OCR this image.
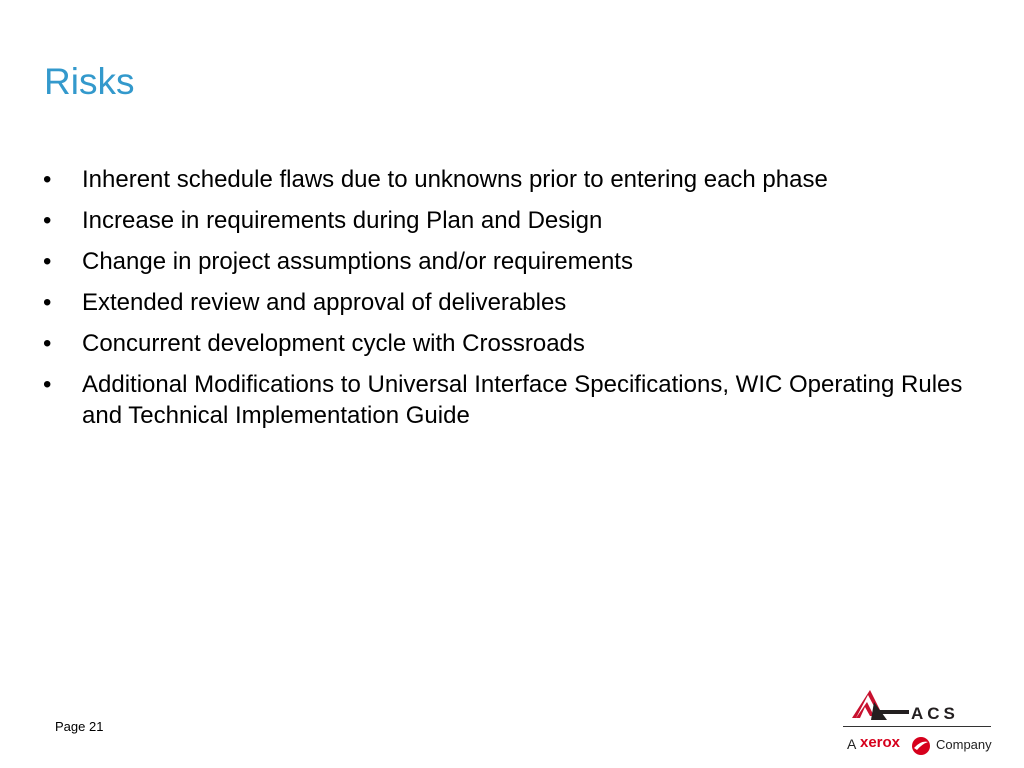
Risks
•	Inherent schedule flaws due to unknowns prior to entering each phase
•	Increase in requirements during Plan and Design
•	Change in project assumptions and/or requirements
•	Extended review and approval of deliverables
•	Concurrent development cycle with Crossroads
•	Additional Modifications to Universal Interface Specifications, WIC Operating Rules and Technical Implementation Guide
Page 21
ACS
A xerox	Company
